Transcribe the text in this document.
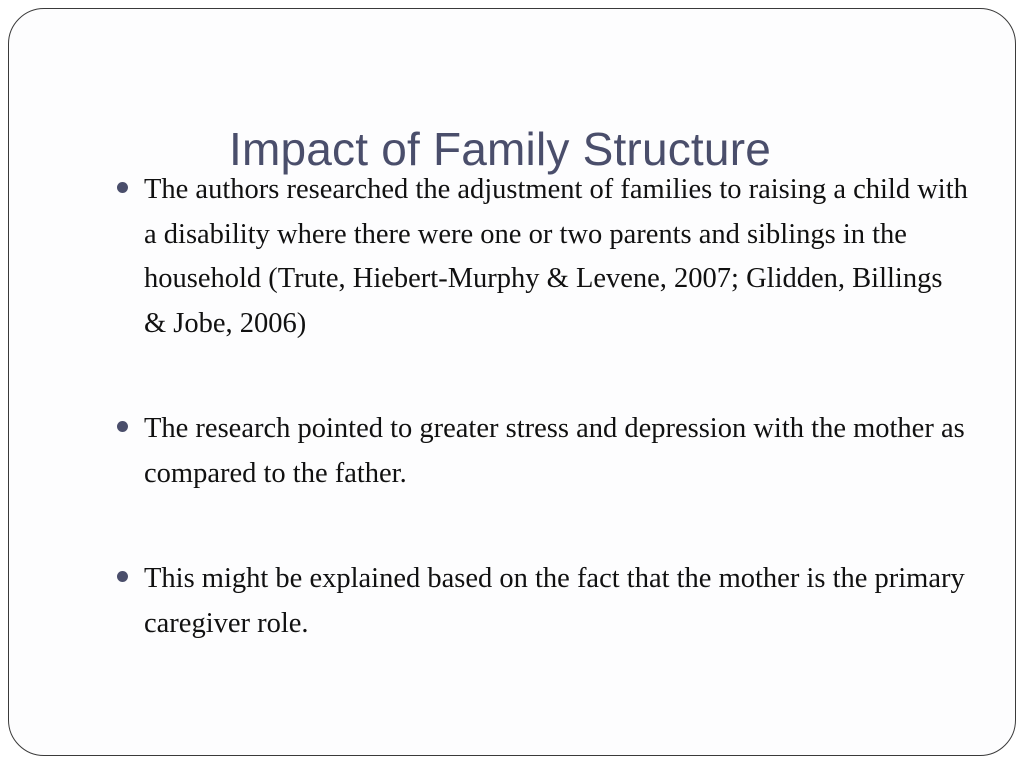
Impact of Family Structure
The authors researched the adjustment of families to raising a child with a disability where there were one or two parents and siblings in the household (Trute, Hiebert-Murphy & Levene, 2007; Glidden, Billings & Jobe, 2006)
The research pointed to greater stress and depression with the mother as compared to the father.
This might be explained based on the fact that the mother is the primary caregiver role.
